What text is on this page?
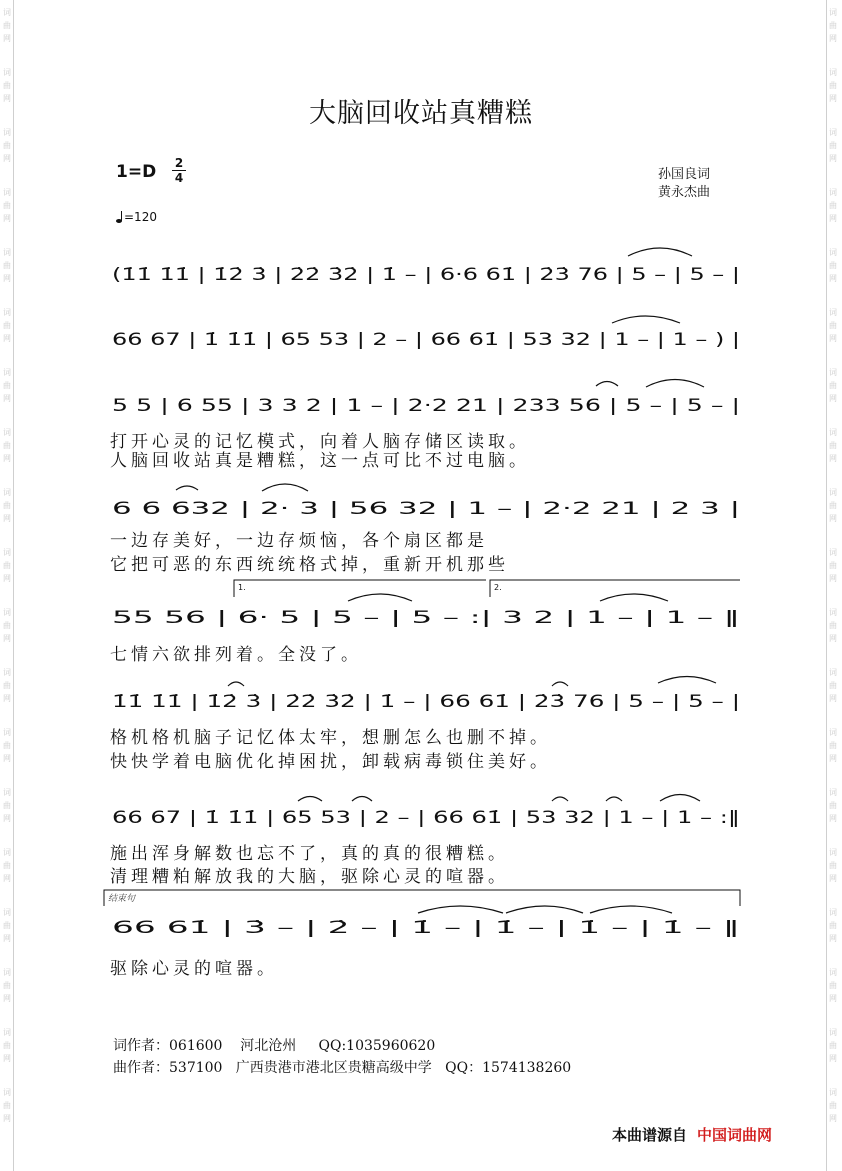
词曲网
词曲网
词曲网
词曲网
词曲网
词曲网
词曲网
词曲网
词曲网
词曲网
词曲网
词曲网
词曲网
词曲网
词曲网
词曲网
词曲网
词曲网
词曲网
词曲网
词曲网
词曲网
词曲网
词曲网
词曲网
词曲网
词曲网
词曲网
词曲网
词曲网
词曲网
词曲网
词曲网
词曲网
词曲网
词曲网
词曲网
词曲网
大脑回收站真糟糕
$1=D \frac{2}{4}$
=120
孙国良词
黄永杰曲
(1̇1̇ 1̇1̇ | 1̇2̇ 3̇ | 2̇2̇ 3̇2̇ | 1̇ – | 6·6 61̇ | 2̇3̇ 76 | 5 – | 5 – |
66 67 | 1̇ 1̇1̇ | 65 53 | 2 – | 66 61̇ | 53 32 | 1 – | 1 – ) |
5 5 | 6 55 | 3 3 2 | 1 – | 2·2 21 | 233 56 | 5 – | 5 – |
6 6 632 | 2· 3 | 56 32 | 1 – | 2·2 21 | 2 3 |
55 56 | 6· 5 | 5 – | 5 – :| 3 2 | 1 – | 1 – ‖
1̇1̇ 1̇1̇ | 1̇2̇ 3̇ | 2̇2̇ 3̇2̇ | 1̇ – | 66 61̇ | 2̇3̇ 76 | 5 – | 5 – |
66 67 | 1̇ 1̇1̇ | 65 53 | 2 – | 66 61̇ | 53 32 | 1 – | 1 – :‖
66 61̇ | 3̇ – | 2̇ – | 1̇ – | 1̇ – | 1̇ – | 1̇ – ‖
1.	2.
结束句
打开心灵的记忆模式，向着人脑存储区读取。
人脑回收站真是糟糕，这一点可比不过电脑。
一边存美好，一边存烦恼，各个扇区都是
它把可恶的东西统统格式掉，重新开机那些
七情六欲排列着。全没了。
格机格机脑子记忆体太牢，想删怎么也删不掉。
快快学着电脑优化掉困扰，卸载病毒锁住美好。
施出浑身解数也忘不了，真的真的很糟糕。
清理糟粕解放我的大脑，驱除心灵的喧器。
驱除心灵的喧器。
词作者：061600    河北沧州     QQ:1035960620
曲作者：537100   广西贵港市港北区贵糖高级中学   QQ：1574138260
本曲谱源自 中国词曲网
